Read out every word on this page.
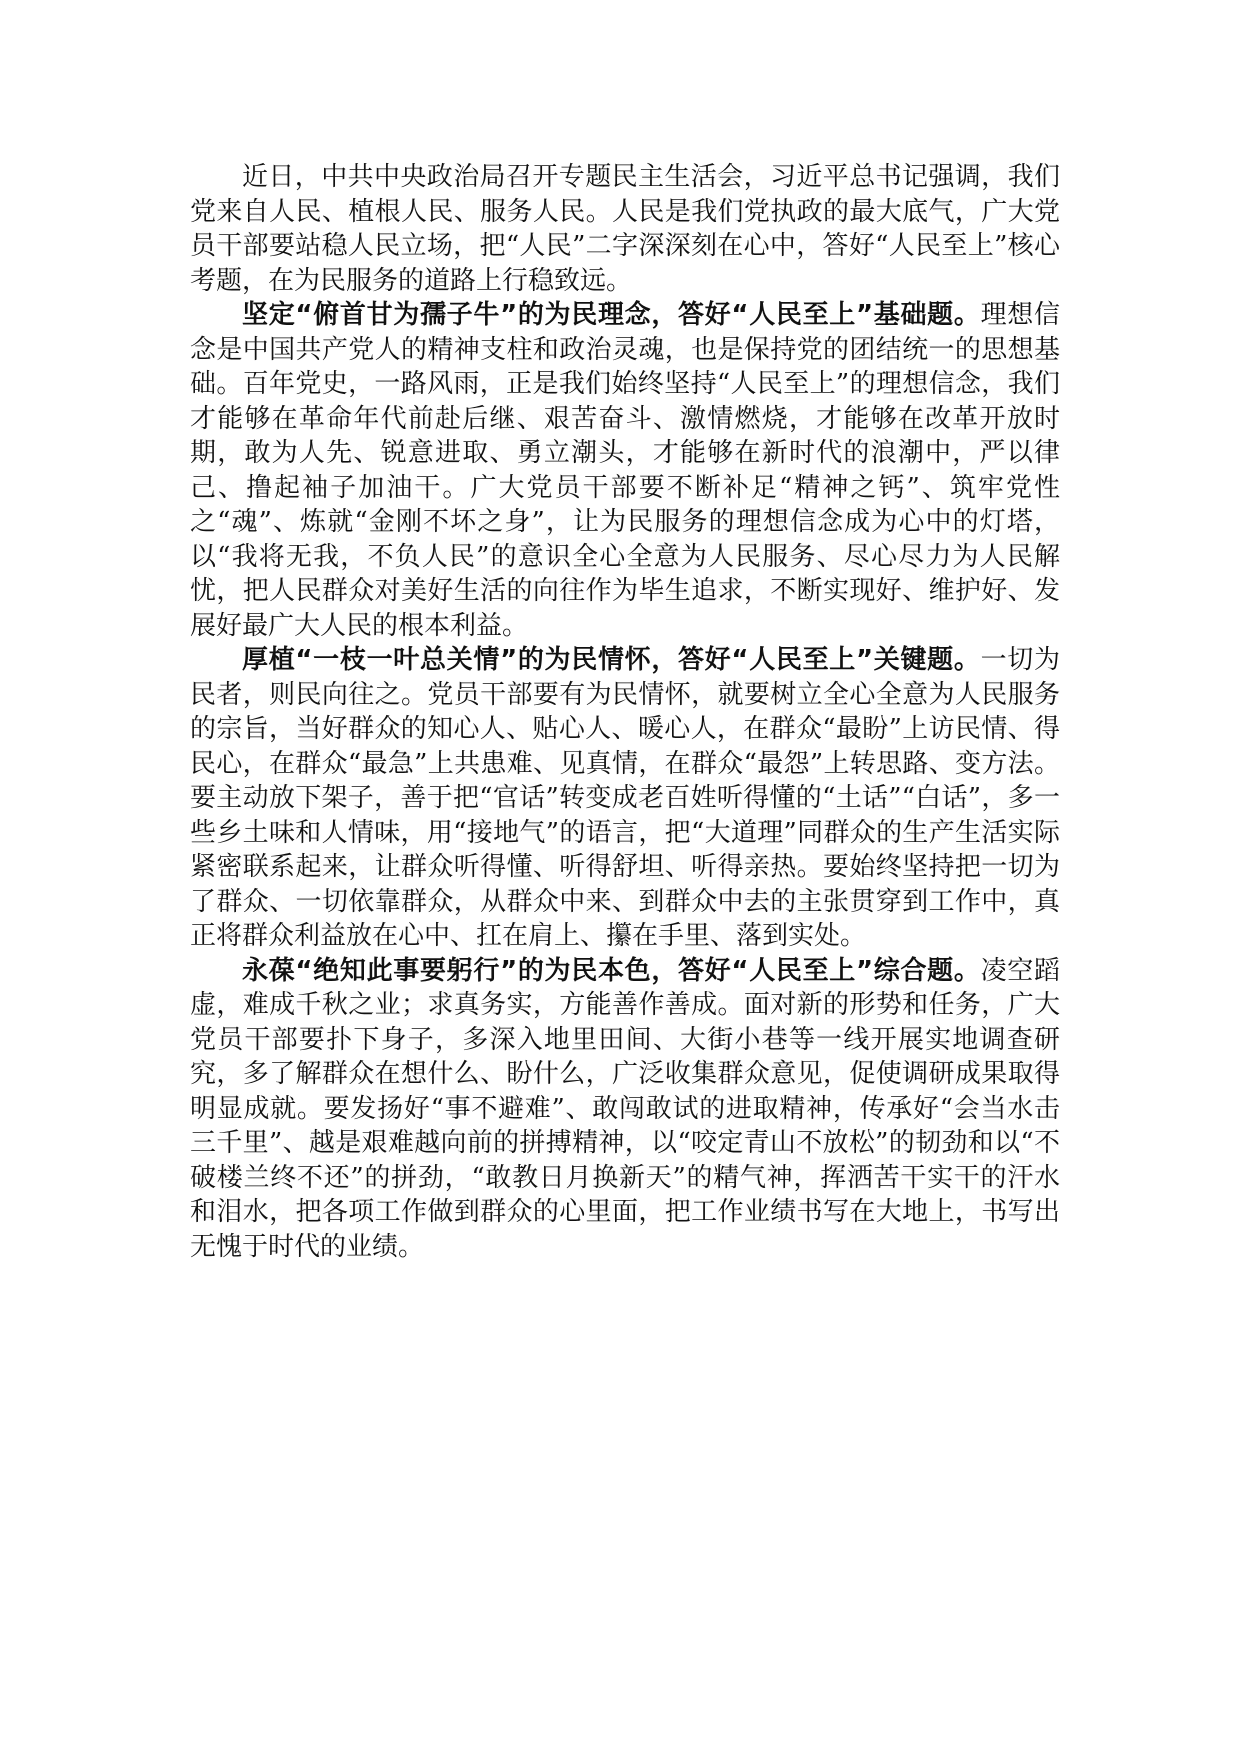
近日，中共中央政治局召开专题民主生活会，习近平总书记强调，我们党来自人民、植根人民、服务人民。人民是我们党执政的最大底气，广大党员干部要站稳人民立场，把“人民”二字深深刻在心中，答好“人民至上”核心考题，在为民服务的道路上行稳致远。

坚定“俯首甘为孺子牛”的为民理念，答好“人民至上”基础题。理想信念是中国共产党人的精神支柱和政治灵魂，也是保持党的团结统一的思想基础。百年党史，一路风雨，正是我们始终坚持“人民至上”的理想信念，我们才能够在革命年代前赴后继、艰苦奋斗、激情燃烧，才能够在改革开放时期，敢为人先、锐意进取、勇立潮头，才能够在新时代的浪潮中，严以律己、撸起袖子加油干。广大党员干部要不断补足“精神之钙”、筑牢党性之“魂”、炼就“金刚不坏之身”，让为民服务的理想信念成为心中的灯塔，以“我将无我，不负人民”的意识全心全意为人民服务、尽心尽力为人民解忧，把人民群众对美好生活的向往作为毕生追求，不断实现好、维护好、发展好最广大人民的根本利益。

厚植“一枝一叶总关情”的为民情怀，答好“人民至上”关键题。一切为民者，则民向往之。党员干部要有为民情怀，就要树立全心全意为人民服务的宗旨，当好群众的知心人、贴心人、暖心人，在群众“最盼”上访民情、得民心，在群众“最急”上共患难、见真情，在群众“最怨”上转思路、变方法。要主动放下架子，善于把“官话”转变成老百姓听得懂的“土话”“白话”，多一些乡土味和人情味，用“接地气”的语言，把“大道理”同群众的生产生活实际紧密联系起来，让群众听得懂、听得舒坦、听得亲热。要始终坚持把一切为了群众、一切依靠群众，从群众中来、到群众中去的主张贯穿到工作中，真正将群众利益放在心中、扛在肩上、攥在手里、落到实处。

永葆“绝知此事要躬行”的为民本色，答好“人民至上”综合题。凌空蹈虚，难成千秋之业；求真务实，方能善作善成。面对新的形势和任务，广大党员干部要扑下身子，多深入地里田间、大街小巷等一线开展实地调查研究，多了解群众在想什么、盼什么，广泛收集群众意见，促使调研成果取得明显成就。要发扬好“事不避难”、敢闯敢试的进取精神，传承好“会当水击三千里”、越是艰难越向前的拼搏精神，以“咬定青山不放松”的韧劲和以“不破楼兰终不还”的拼劲，“敢教日月换新天”的精气神，挥洒苦干实干的汗水和泪水，把各项工作做到群众的心里面，把工作业绩书写在大地上，书写出无愧于时代的业绩。
